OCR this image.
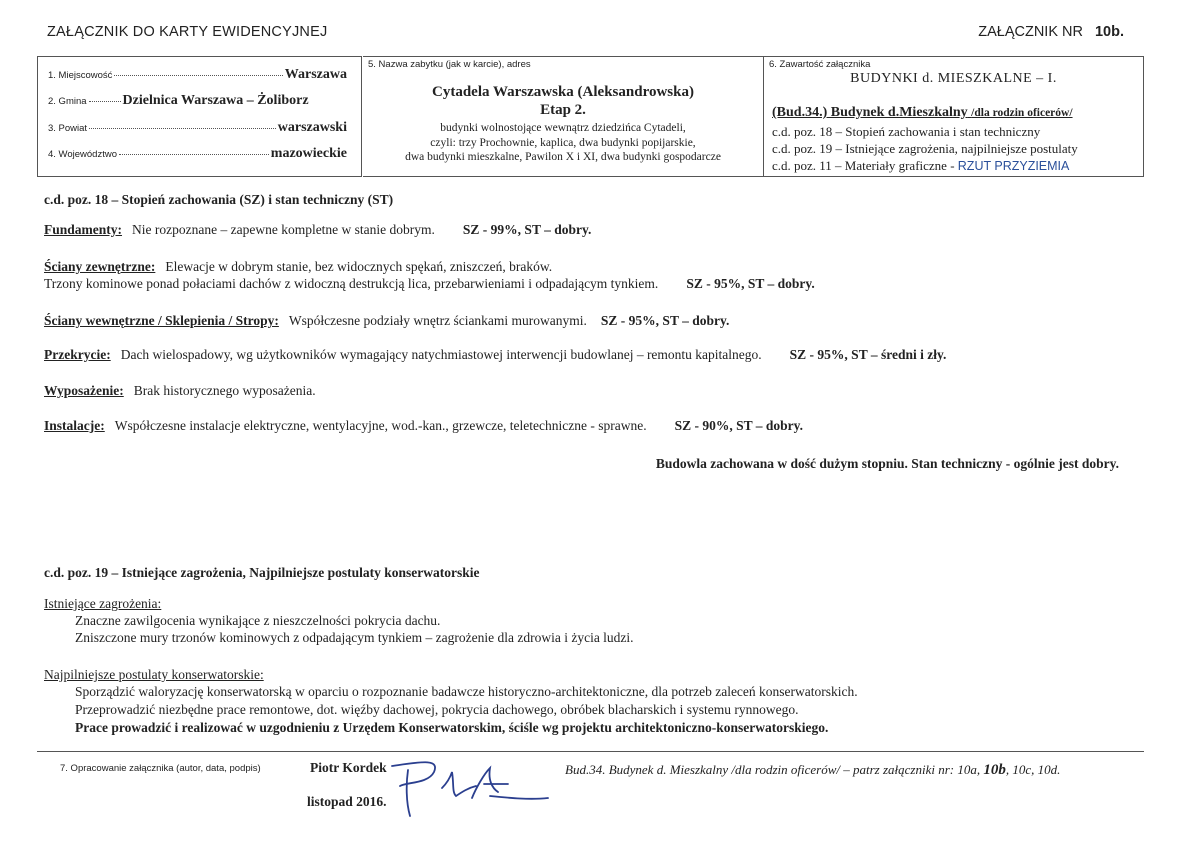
ZAŁĄCZNIK DO KARTY EWIDENCYJNEJ	ZAŁĄCZNIK NR 10b.
1. Miejscowość	Warszawa
2. Gmina	Dzielnica Warszawa – Żoliborz
3. Powiat	warszawski
4. Województwo	mazowieckie
5. Nazwa zabytku (jak w karcie), adres
Cytadela Warszawska (Aleksandrowska)
Etap 2.
budynki wolnostojące wewnątrz dziedzińca Cytadeli,
czyli: trzy Prochownie, kaplica, dwa budynki popijarskie,
dwa budynki mieszkalne, Pawilon X i XI, dwa budynki gospodarcze
6. Zawartość załącznika
BUDYNKI d. MIESZKALNE – I.
(Bud.34.) Budynek d.Mieszkalny /dla rodzin oficerów/
c.d. poz. 18 – Stopień zachowania i stan techniczny
c.d. poz. 19 – Istniejące zagrożenia, najpilniejsze postulaty
c.d. poz. 11 – Materiały graficzne - RZUT PRZYZIEMIA
c.d. poz. 18 – Stopień zachowania (SZ) i stan techniczny (ST)
Fundamenty: Nie rozpoznane – zapewne kompletne w stanie dobrym. SZ - 99%, ST – dobry.
Ściany zewnętrzne: Elewacje w dobrym stanie, bez widocznych spękań, zniszczeń, braków.
Trzony kominowe ponad połaciami dachów z widoczną destrukcją lica, przebarwieniami i odpadającym tynkiem. SZ - 95%, ST – dobry.
Ściany wewnętrzne / Sklepienia / Stropy: Współczesne podziały wnętrz ściankami murowanymi. SZ - 95%, ST – dobry.
Przekrycie: Dach wielospadowy, wg użytkowników wymagający natychmiastowej interwencji budowlanej – remontu kapitalnego. SZ - 95%, ST – średni i zły.
Wyposażenie: Brak historycznego wyposażenia.
Instalacje: Współczesne instalacje elektryczne, wentylacyjne, wod.-kan., grzewcze, teletechniczne - sprawne. SZ - 90%, ST – dobry.
Budowla zachowana w dość dużym stopniu. Stan techniczny - ogólnie jest dobry.
c.d. poz. 19 – Istniejące zagrożenia, Najpilniejsze postulaty konserwatorskie
Istniejące zagrożenia:
Znaczne zawilgocenia wynikające z nieszczelności pokrycia dachu.
Zniszczone mury trzonów kominowych z odpadającym tynkiem – zagrożenie dla zdrowia i życia ludzi.
Najpilniejsze postulaty konserwatorskie:
Sporządzić waloryzację konserwatorską w oparciu o rozpoznanie badawcze historyczno-architektoniczne, dla potrzeb zaleceń konserwatorskich.
Przeprowadzić niezbędne prace remontowe, dot. więźby dachowej, pokrycia dachowego, obróbek blacharskich i systemu rynnowego.
Prace prowadzić i realizować w uzgodnieniu z Urzędem Konserwatorskim, ściśle wg projektu architektoniczno-konserwatorskiego.
7. Opracowanie załącznika (autor, data, podpis)	Piotr Kordek
listopad 2016.
Bud.34. Budynek d. Mieszkalny /dla rodzin oficerów/ – patrz załączniki nr: 10a, 10b, 10c, 10d.
